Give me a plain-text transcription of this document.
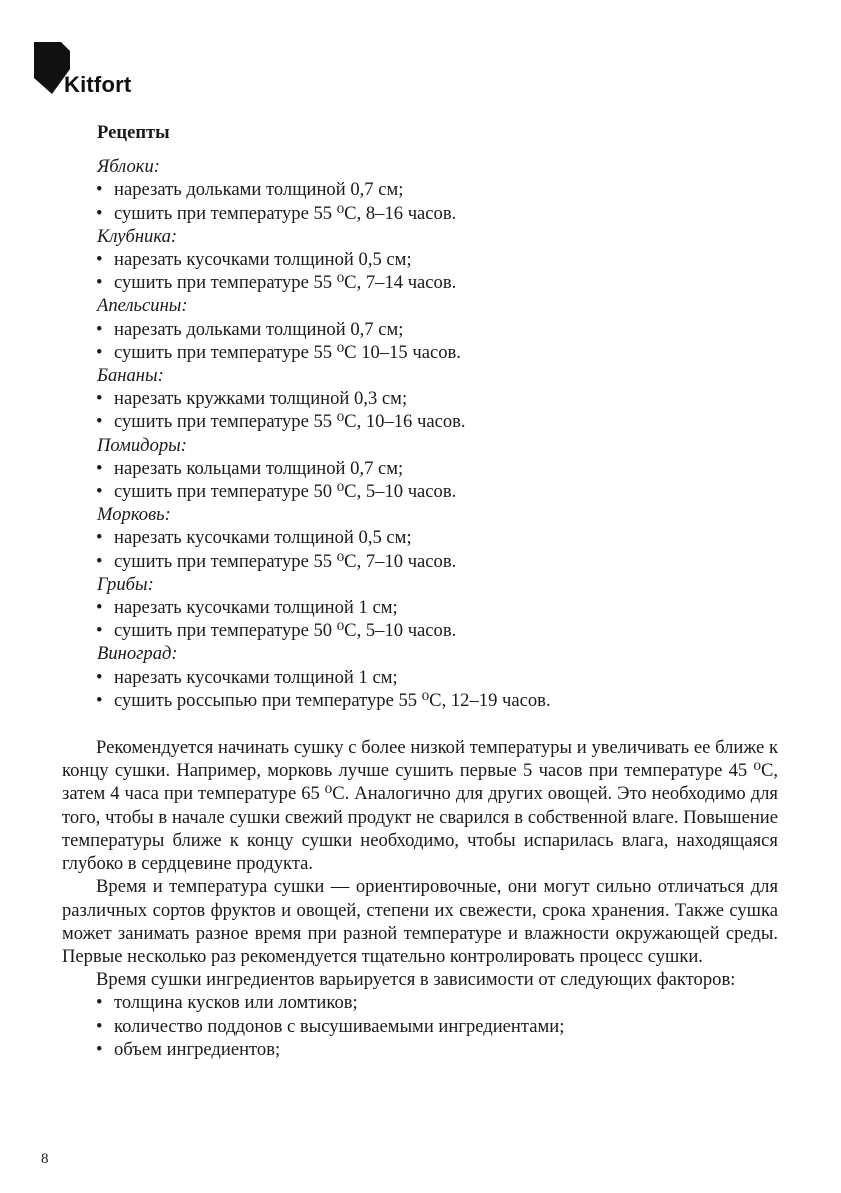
Kitfort

Рецепты

Яблоки:

• нарезать дольками толщиной 0,7 см;

• сушить при температуре 55 ⁰С, 8–16 часов.

Клубника:

• нарезать кусочками толщиной 0,5 см;

• сушить при температуре 55 ⁰С, 7–14 часов.

Апельсины:

• нарезать дольками толщиной 0,7 см;

• сушить при температуре 55 ⁰С 10–15 часов.

Бананы:

• нарезать кружками толщиной 0,3 см;

• сушить при температуре 55 ⁰С, 10–16 часов.

Помидоры:

• нарезать кольцами толщиной 0,7 см;

• сушить при температуре 50 ⁰С, 5–10 часов.

Морковь:

• нарезать кусочками толщиной 0,5 см;

• сушить при температуре 55 ⁰С, 7–10 часов.

Грибы:

• нарезать кусочками толщиной 1 см;

• сушить при температуре 50 ⁰С, 5–10 часов.

Виноград:

• нарезать кусочками толщиной 1 см;

• сушить россыпью при температуре 55 ⁰С, 12–19 часов.

Рекомендуется начинать сушку с более низкой температуры и увеличивать ее ближе к концу сушки. Например, морковь лучше сушить первые 5 часов при температуре 45 ⁰С, затем 4 часа при температуре 65 ⁰С. Аналогично для других овощей. Это необходимо для того, чтобы в начале сушки свежий продукт не сварился в собственной влаге. Повышение температуры ближе к концу сушки необходимо, чтобы испарилась влага, находящаяся глубоко в сердцевине продукта.

Время и температура сушки — ориентировочные, они могут сильно отличаться для различных сортов фруктов и овощей, степени их свежести, срока хранения. Также сушка может занимать разное время при разной температуре и влажности окружающей среды. Первые несколько раз рекомендуется тщательно контролировать процесс сушки.

Время сушки ингредиентов варьируется в зависимости от следующих факторов:

• толщина кусков или ломтиков;

• количество поддонов с высушиваемыми ингредиентами;

• объем ингредиентов;

8
